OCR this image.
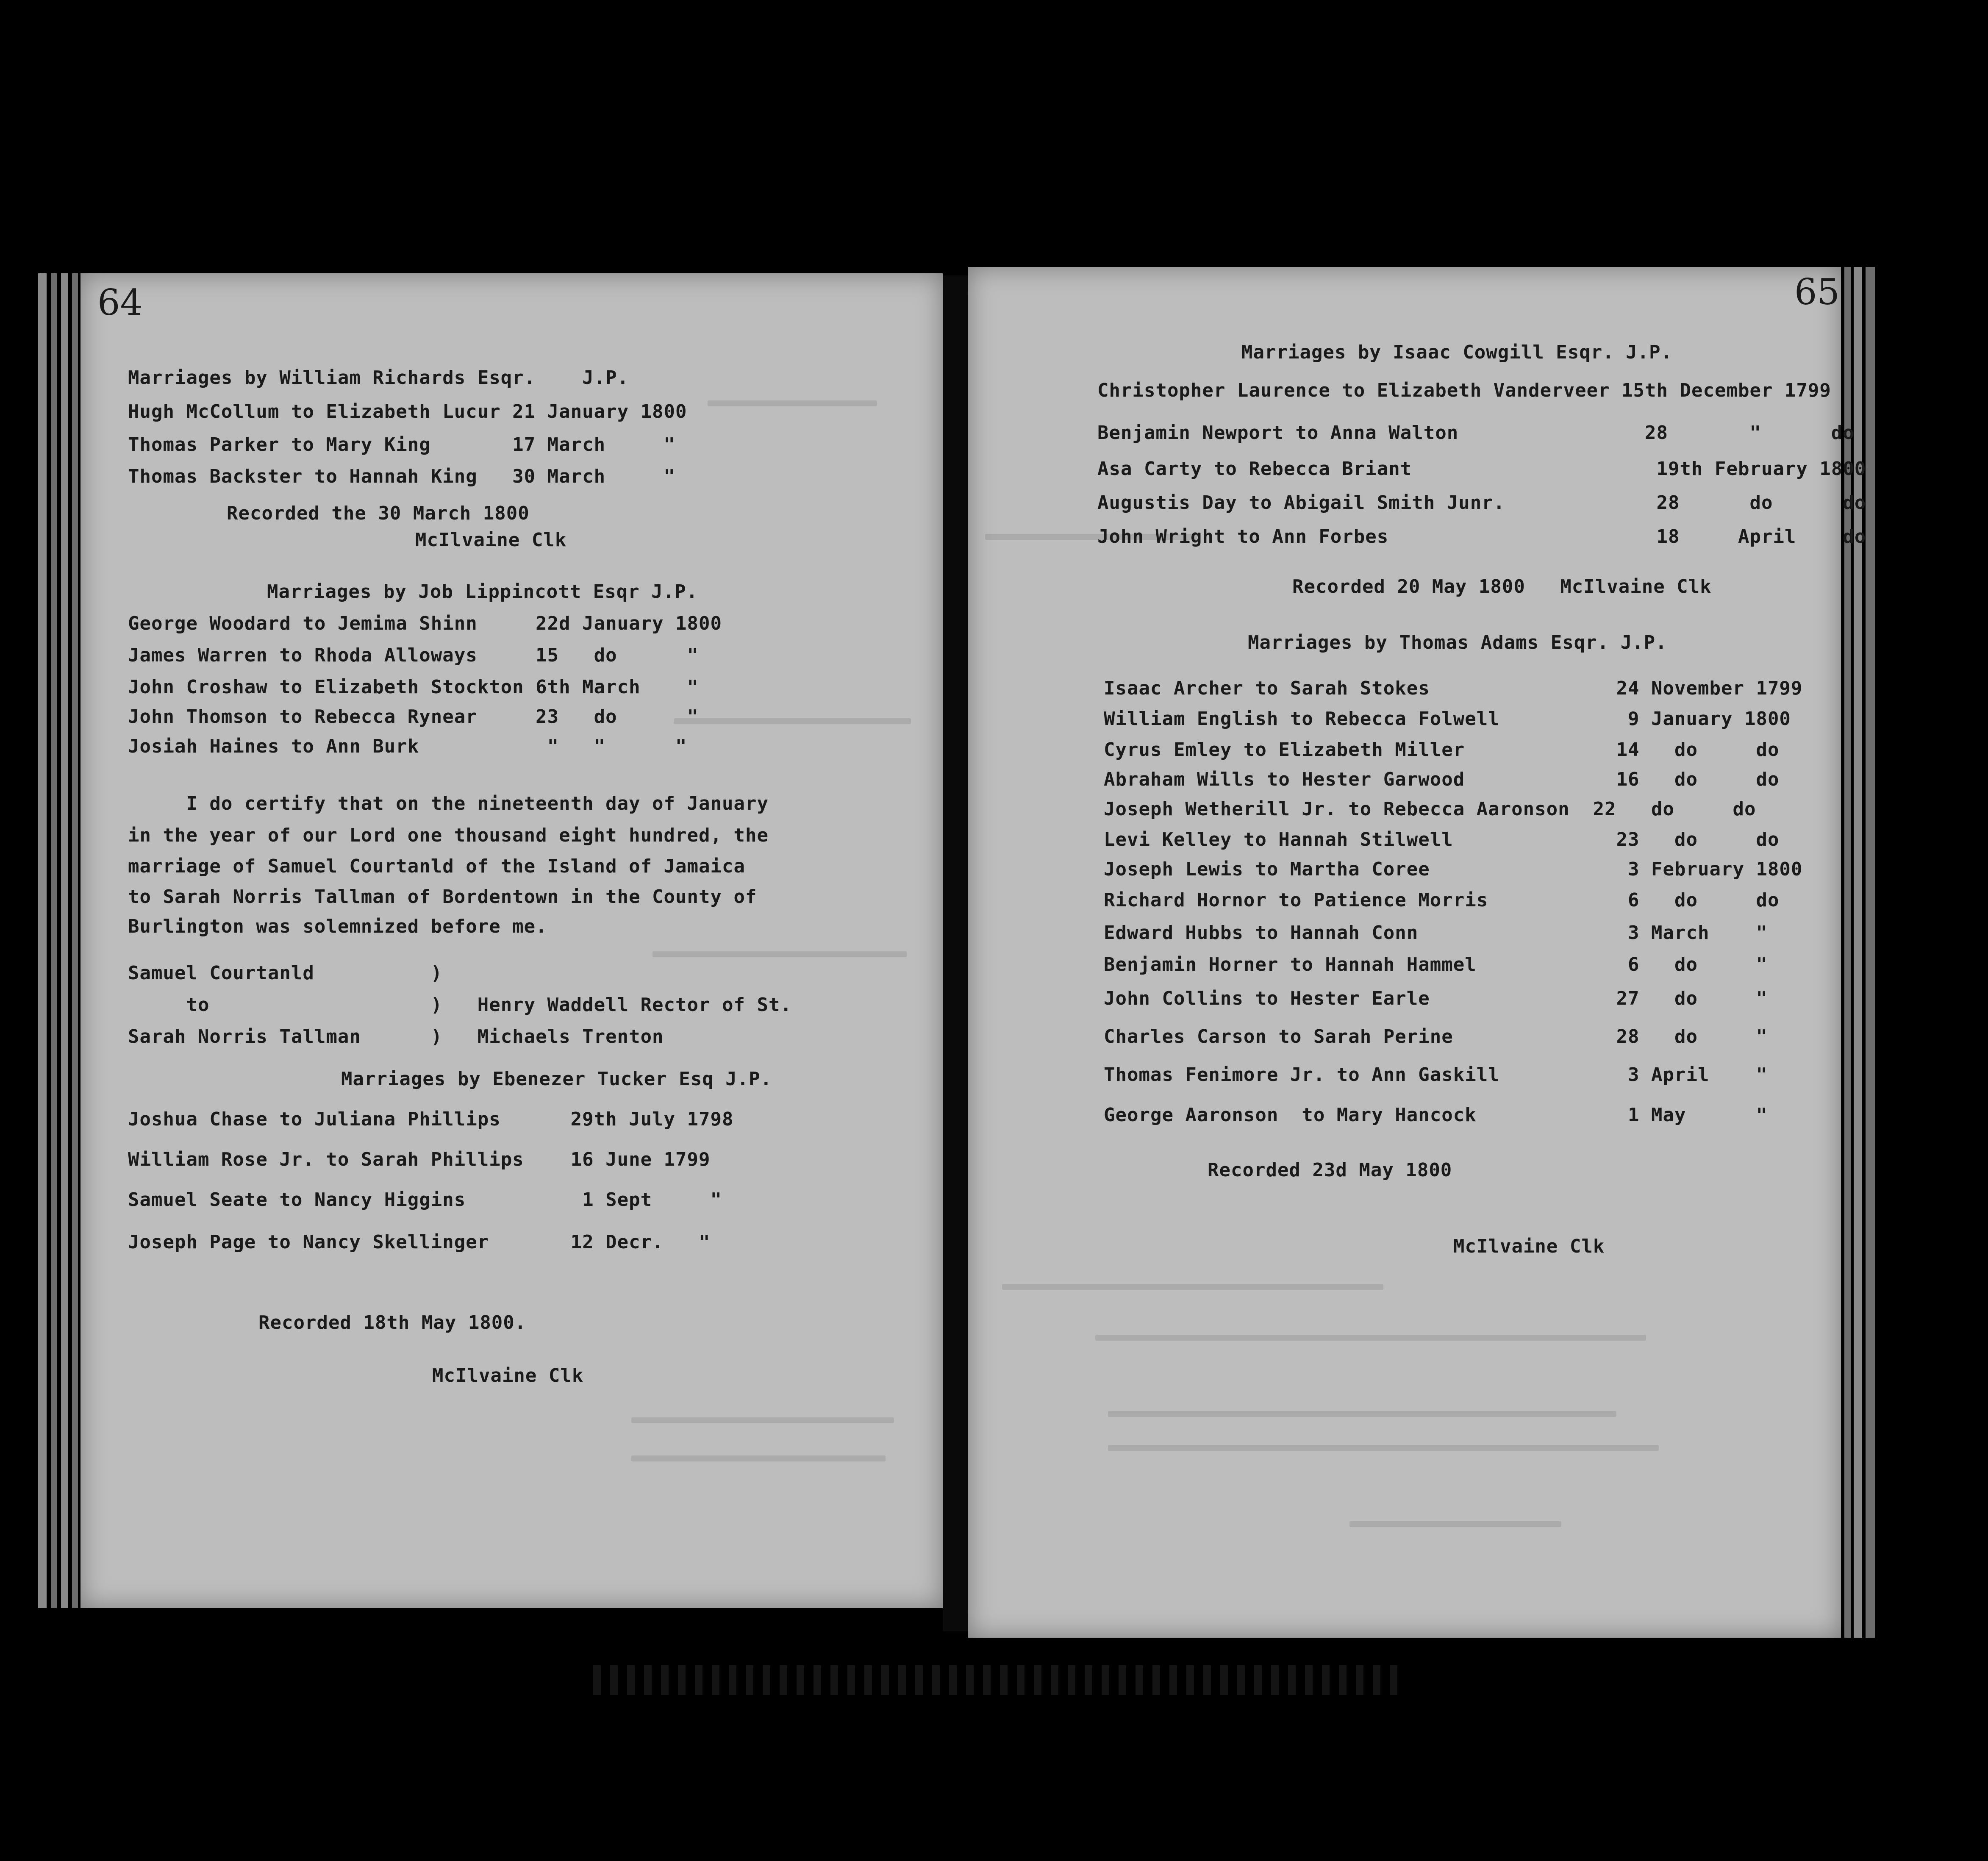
64
Marriages by William Richards Esqr.    J.P.
Hugh McCollum to Elizabeth Lucur 21 January 1800
Thomas Parker to Mary King       17 March     "
Thomas Backster to Hannah King   30 March     "
Recorded the 30 March 1800
McIlvaine Clk
Marriages by Job Lippincott Esqr J.P.
George Woodard to Jemima Shinn     22d January 1800
James Warren to Rhoda Alloways     15   do      "
John Croshaw to Elizabeth Stockton 6th March    "
John Thomson to Rebecca Rynear     23   do      "
Josiah Haines to Ann Burk           "   "      "
I do certify that on the nineteenth day of January
in the year of our Lord one thousand eight hundred, the
marriage of Samuel Courtanld of the Island of Jamaica
to Sarah Norris Tallman of Bordentown in the County of
Burlington was solemnized before me.
Samuel Courtanld          )
to                   )   Henry Waddell Rector of St.
Sarah Norris Tallman      )   Michaels Trenton
Marriages by Ebenezer Tucker Esq J.P.
Joshua Chase to Juliana Phillips      29th July 1798
William Rose Jr. to Sarah Phillips    16 June 1799
Samuel Seate to Nancy Higgins          1 Sept     "
Joseph Page to Nancy Skellinger       12 Decr.   "
Recorded 18th May 1800.
McIlvaine Clk
65
Marriages by Isaac Cowgill Esqr. J.P.
Christopher Laurence to Elizabeth Vanderveer 15th December 1799
Benjamin Newport to Anna Walton                28       "      do
Asa Carty to Rebecca Briant                     19th February 1800
Augustis Day to Abigail Smith Junr.             28      do      do
John Wright to Ann Forbes                       18     April    do
Recorded 20 May 1800   McIlvaine Clk
Marriages by Thomas Adams Esqr. J.P.
Isaac Archer to Sarah Stokes                24 November 1799
William English to Rebecca Folwell           9 January 1800
Cyrus Emley to Elizabeth Miller             14   do     do
Abraham Wills to Hester Garwood             16   do     do
Joseph Wetherill Jr. to Rebecca Aaronson  22   do     do
Levi Kelley to Hannah Stilwell              23   do     do
Joseph Lewis to Martha Coree                 3 February 1800
Richard Hornor to Patience Morris            6   do     do
Edward Hubbs to Hannah Conn                  3 March    "
Benjamin Horner to Hannah Hammel             6   do     "
John Collins to Hester Earle                27   do     "
Charles Carson to Sarah Perine              28   do     "
Thomas Fenimore Jr. to Ann Gaskill           3 April    "
George Aaronson  to Mary Hancock             1 May      "
Recorded 23d May 1800
McIlvaine Clk
